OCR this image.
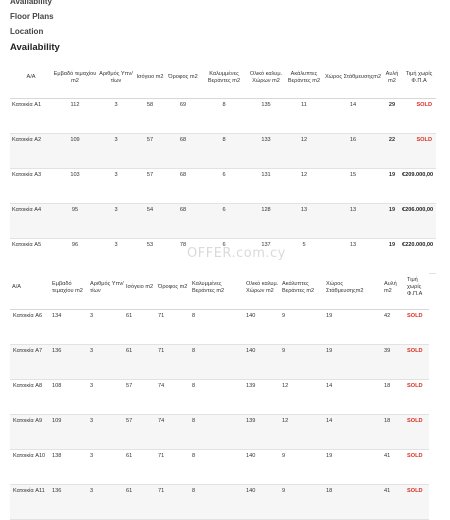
Availability
Floor Plans
Location
Availability
Α/Α	Εμβαδό τεμαχίου m2	Αριθμός Υπν/ τίων	Ισόγειο m2	Όροφος m2	Καλυμμένες Βεράντες m2	Ολικό καλυμ. Χώρων m2	Ακάλυπτες Βεράντες m2	Χώρος Στάθμευσηςm2	Αυλή m2	Τιμή χωρίς Φ.Π.Α
Κατοικία A1	112	3	58	69	8	135	11	14	29	SOLD
Κατοικία A2	109	3	57	68	8	133	12	16	22	SOLD
Κατοικία A3	103	3	57	68	6	131	12	15	19	€209.000,00
Κατοικία A4	95	3	54	68	6	128	13	13	19	€206.000,00
Κατοικία A5	96	3	53	78	6	137	5	13	19	€220.000,00
Α/Α	Εμβαδό τεμαχίου m2	Αριθμός Υπν/ τίων	Ισόγειο m2	Όροφος m2	Καλυμμένες Βεράντες m2	Ολικό καλυμ. Χώρων m2	Ακάλυπτες Βεράντες m2	Χώρος Στάθμευσηςm2	Αυλή m2	Τιμή χωρίς Φ.Π.Α
Κατοικία A6	134	3	61	71	8	140	9	19	42	SOLD
Κατοικία A7	136	3	61	71	8	140	9	19	39	SOLD
Κατοικία A8	108	3	57	74	8	139	12	14	18	SOLD
Κατοικία A9	109	3	57	74	8	139	12	14	18	SOLD
Κατοικία A10	138	3	61	71	8	140	9	19	41	SOLD
Κατοικία A11	136	3	61	71	8	140	9	18	41	SOLD
OFFER.com.cy
